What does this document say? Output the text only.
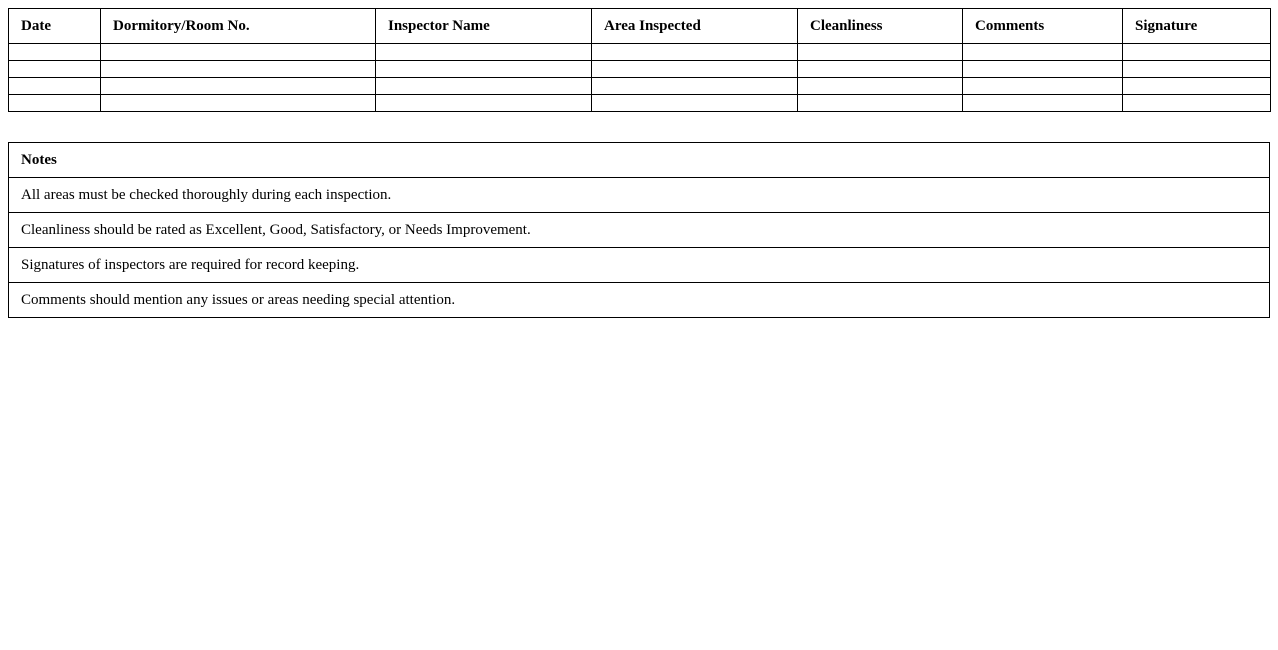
Date	Dormitory/Room No.	Inspector Name	Area Inspected	Cleanliness	Comments	Signature

Notes
All areas must be checked thoroughly during each inspection.
Cleanliness should be rated as Excellent, Good, Satisfactory, or Needs Improvement.
Signatures of inspectors are required for record keeping.
Comments should mention any issues or areas needing special attention.
